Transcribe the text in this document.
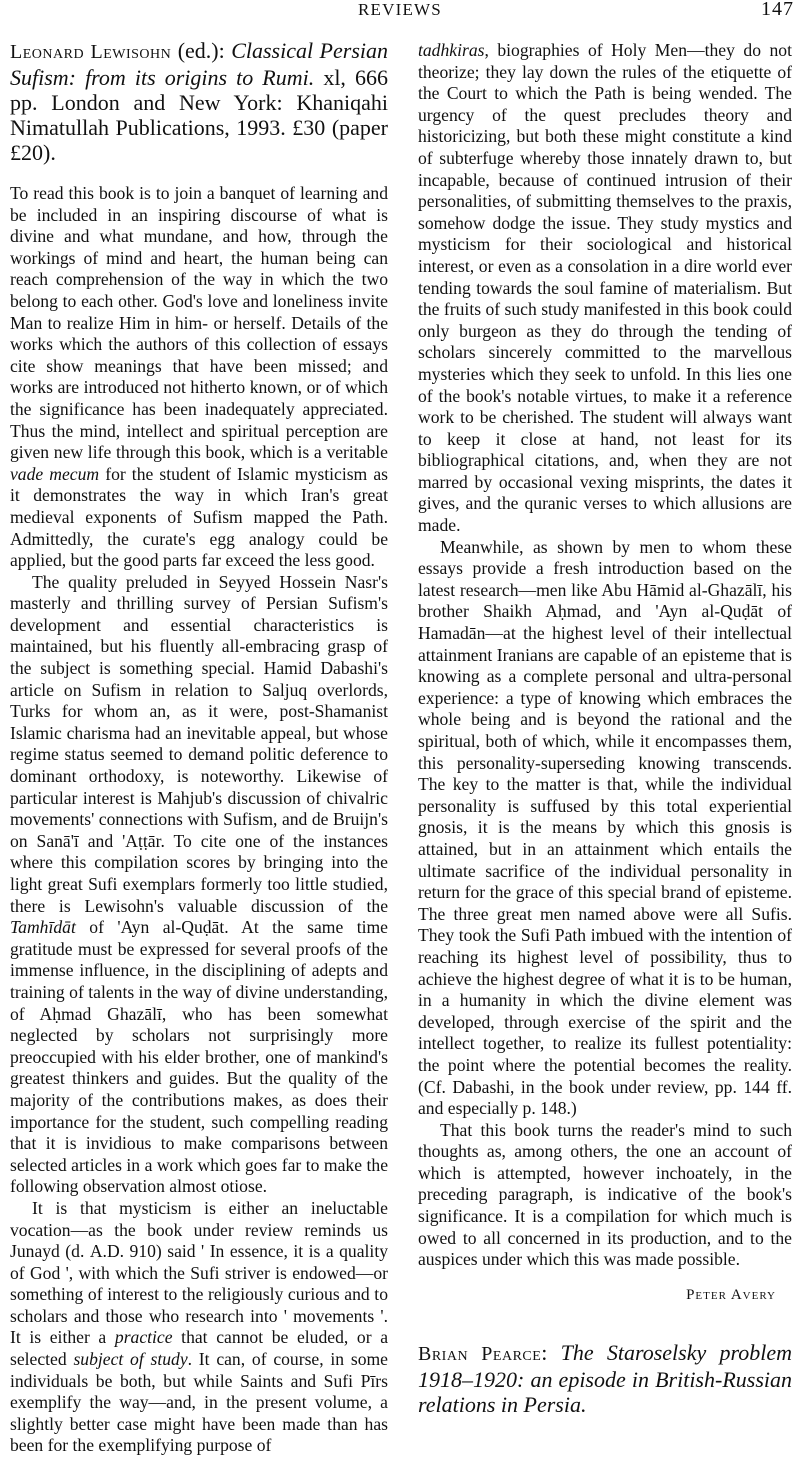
REVIEWS	147
Leonard Lewisohn (ed.): Classical Persian Sufism: from its origins to Rumi. xl, 666 pp. London and New York: Khaniqahi Nimatullah Publications, 1993. £30 (paper £20).

To read this book is to join a banquet of learning and be included in an inspiring discourse of what is divine and what mundane, and how, through the workings of mind and heart, the human being can reach comprehension of the way in which the two belong to each other. God's love and loneliness invite Man to realize Him in him- or herself. Details of the works which the authors of this collection of essays cite show meanings that have been missed; and works are introduced not hitherto known, or of which the significance has been inadequately appreciated. Thus the mind, intellect and spiritual perception are given new life through this book, which is a veritable vade mecum for the student of Islamic mysticism as it demonstrates the way in which Iran's great medieval exponents of Sufism mapped the Path. Admittedly, the curate's egg analogy could be applied, but the good parts far exceed the less good.

The quality preluded in Seyyed Hossein Nasr's masterly and thrilling survey of Persian Sufism's development and essential characteristics is maintained, but his fluently all-embracing grasp of the subject is something special. Hamid Dabashi's article on Sufism in relation to Saljuq overlords, Turks for whom an, as it were, post-Shamanist Islamic charisma had an inevitable appeal, but whose regime status seemed to demand politic deference to dominant orthodoxy, is noteworthy. Likewise of particular interest is Mahjub's discussion of chivalric movements' connections with Sufism, and de Bruijn's on Sanā'ī and 'Aṭṭār. To cite one of the instances where this compilation scores by bringing into the light great Sufi exemplars formerly too little studied, there is Lewisohn's valuable discussion of the Tamhīdāt of 'Ayn al-Quḍāt. At the same time gratitude must be expressed for several proofs of the immense influence, in the disciplining of adepts and training of talents in the way of divine understanding, of Aḥmad Ghazālī, who has been somewhat neglected by scholars not surprisingly more preoccupied with his elder brother, one of mankind's greatest thinkers and guides. But the quality of the majority of the contributions makes, as does their importance for the student, such compelling reading that it is invidious to make comparisons between selected articles in a work which goes far to make the following observation almost otiose.

It is that mysticism is either an ineluctable vocation—as the book under review reminds us Junayd (d. A.D. 910) said ' In essence, it is a quality of God ', with which the Sufi striver is endowed—or something of interest to the religiously curious and to scholars and those who research into ' movements '. It is either a practice that cannot be eluded, or a selected subject of study. It can, of course, in some individuals be both, but while Saints and Sufi Pīrs exemplify the way—and, in the present volume, a slightly better case might have been made than has been for the exemplifying purpose of

tadhkiras, biographies of Holy Men—they do not theorize; they lay down the rules of the etiquette of the Court to which the Path is being wended. The urgency of the quest precludes theory and historicizing, but both these might constitute a kind of subterfuge whereby those innately drawn to, but incapable, because of continued intrusion of their personalities, of submitting themselves to the praxis, somehow dodge the issue. They study mystics and mysticism for their sociological and historical interest, or even as a consolation in a dire world ever tending towards the soul famine of materialism. But the fruits of such study manifested in this book could only burgeon as they do through the tending of scholars sincerely committed to the marvellous mysteries which they seek to unfold. In this lies one of the book's notable virtues, to make it a reference work to be cherished. The student will always want to keep it close at hand, not least for its bibliographical citations, and, when they are not marred by occasional vexing misprints, the dates it gives, and the quranic verses to which allusions are made.

Meanwhile, as shown by men to whom these essays provide a fresh introduction based on the latest research—men like Abu Hāmid al-Ghazālī, his brother Shaikh Aḥmad, and 'Ayn al-Quḍāt of Hamadān—at the highest level of their intellectual attainment Iranians are capable of an episteme that is knowing as a complete personal and ultra-personal experience: a type of knowing which embraces the whole being and is beyond the rational and the spiritual, both of which, while it encompasses them, this personality-superseding knowing transcends. The key to the matter is that, while the individual personality is suffused by this total experiential gnosis, it is the means by which this gnosis is attained, but in an attainment which entails the ultimate sacrifice of the individual personality in return for the grace of this special brand of episteme. The three great men named above were all Sufis. They took the Sufi Path imbued with the intention of reaching its highest level of possibility, thus to achieve the highest degree of what it is to be human, in a humanity in which the divine element was developed, through exercise of the spirit and the intellect together, to realize its fullest potentiality: the point where the potential becomes the reality. (Cf. Dabashi, in the book under review, pp. 144 ff. and especially p. 148.)

That this book turns the reader's mind to such thoughts as, among others, the one an account of which is attempted, however inchoately, in the preceding paragraph, is indicative of the book's significance. It is a compilation for which much is owed to all concerned in its production, and to the auspices under which this was made possible.

Peter Avery
Brian Pearce: The Staroselsky problem 1918–1920: an episode in British-Russian relations in Persia.
